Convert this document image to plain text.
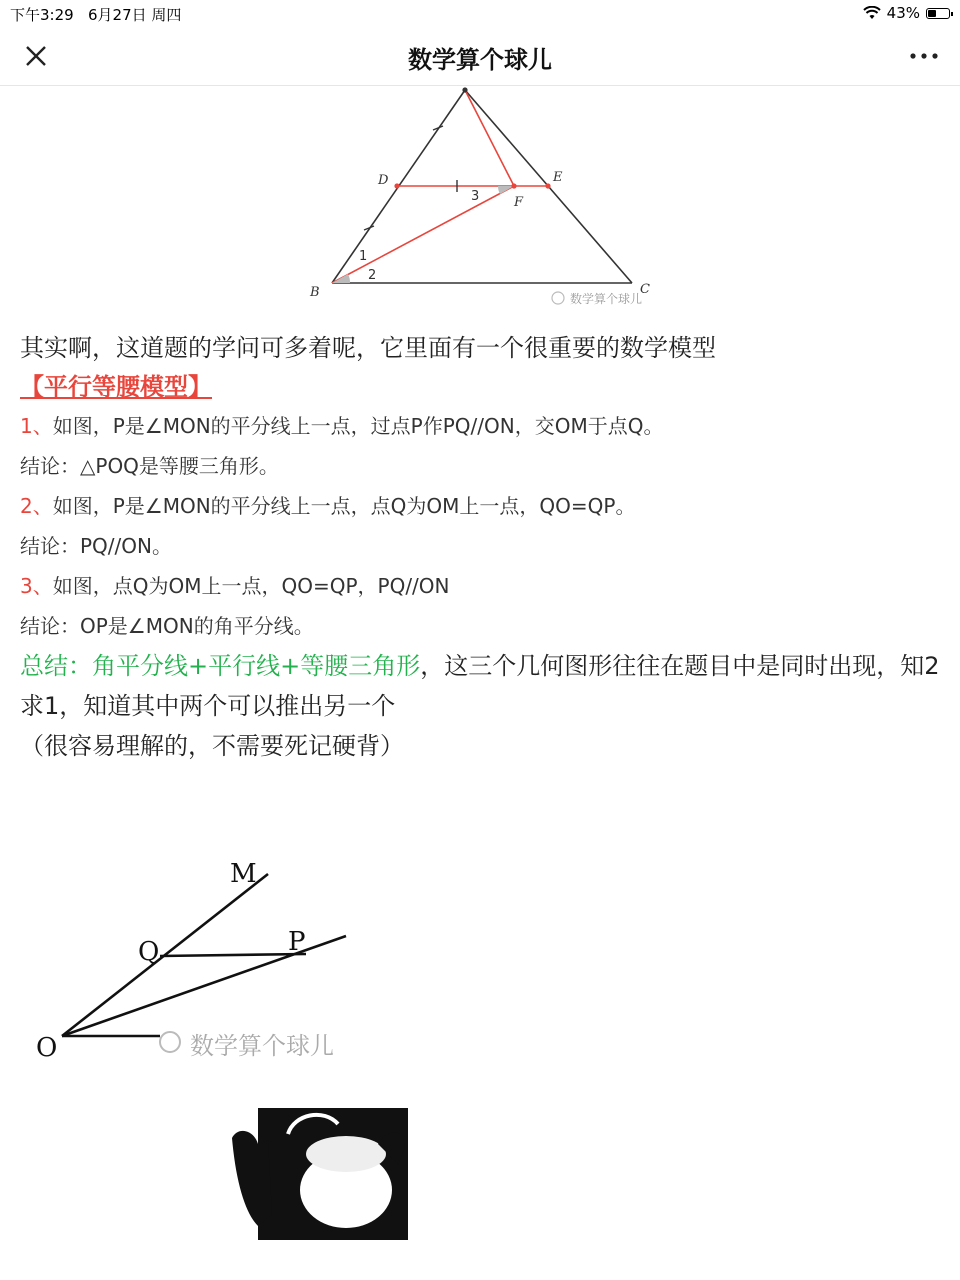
下午3:29 6月27日 周四	43%
数学算个球儿
D	E
F
B	C
1
2
3
数学算个球儿
其实啊，这道题的学问可多着呢，它里面有一个很重要的数学模型
【平行等腰模型】
1、如图，P是∠MON的平分线上一点，过点P作PQ//ON，交OM于点Q。
结论：△POQ是等腰三角形。
2、如图，P是∠MON的平分线上一点，点Q为OM上一点，QO=QP。
结论：PQ//ON。
3、如图，点Q为OM上一点，QO=QP，PQ//ON
结论：OP是∠MON的角平分线。
总结：角平分线+平行线+等腰三角形，这三个几何图形往往在题目中是同时出现，知2求1，知道其中两个可以推出另一个
（很容易理解的，不需要死记硬背）
M
Q	P
O	数学算个球儿
